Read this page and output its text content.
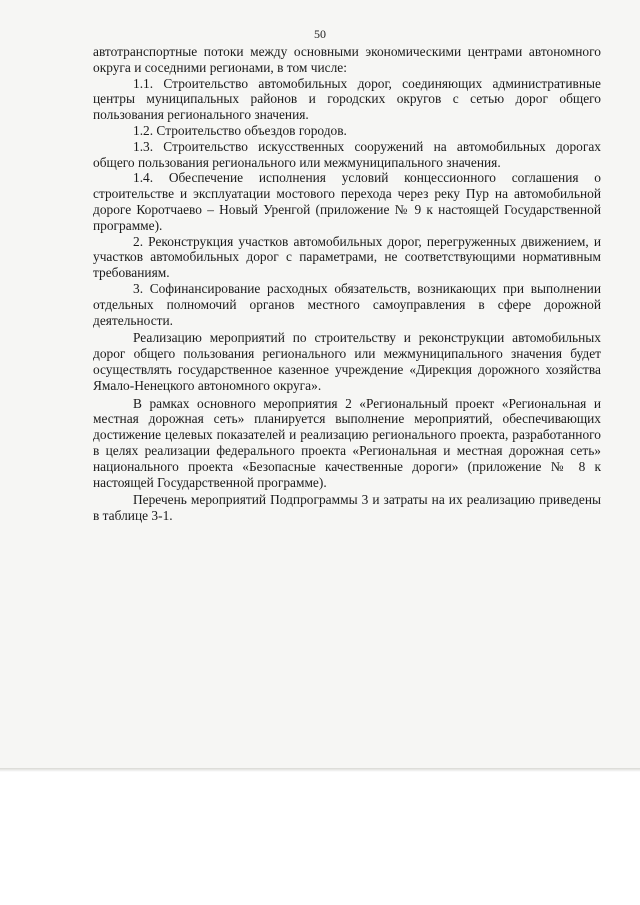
50

автотранспортные потоки между основными экономическими центрами автономного округа и соседними регионами, в том числе:

1.1. Строительство автомобильных дорог, соединяющих административные центры муниципальных районов и городских округов с сетью дорог общего пользования регионального значения.

1.2. Строительство объездов городов.

1.3. Строительство искусственных сооружений на автомобильных дорогах общего пользования регионального или межмуниципального значения.

1.4. Обеспечение исполнения условий концессионного соглашения о строительстве и эксплуатации мостового перехода через реку Пур на автомобильной дороге Коротчаево – Новый Уренгой (приложение № 9 к настоящей Государственной программе).

2. Реконструкция участков автомобильных дорог, перегруженных движением, и участков автомобильных дорог с параметрами, не соответствующими нормативным требованиям.

3. Софинансирование расходных обязательств, возникающих при выполнении отдельных полномочий органов местного самоуправления в сфере дорожной деятельности.

Реализацию мероприятий по строительству и реконструкции автомобильных дорог общего пользования регионального или межмуниципального значения будет осуществлять государственное казенное учреждение «Дирекция дорожного хозяйства Ямало-Ненецкого автономного округа».

В рамках основного мероприятия 2 «Региональный проект «Региональная и местная дорожная сеть» планируется выполнение мероприятий, обеспечивающих достижение целевых показателей и реализацию регионального проекта, разработанного в целях реализации федерального проекта «Региональная и местная дорожная сеть» национального проекта «Безопасные качественные дороги» (приложение № 8 к настоящей Государственной программе).

Перечень мероприятий Подпрограммы 3 и затраты на их реализацию приведены в таблице 3-1.
